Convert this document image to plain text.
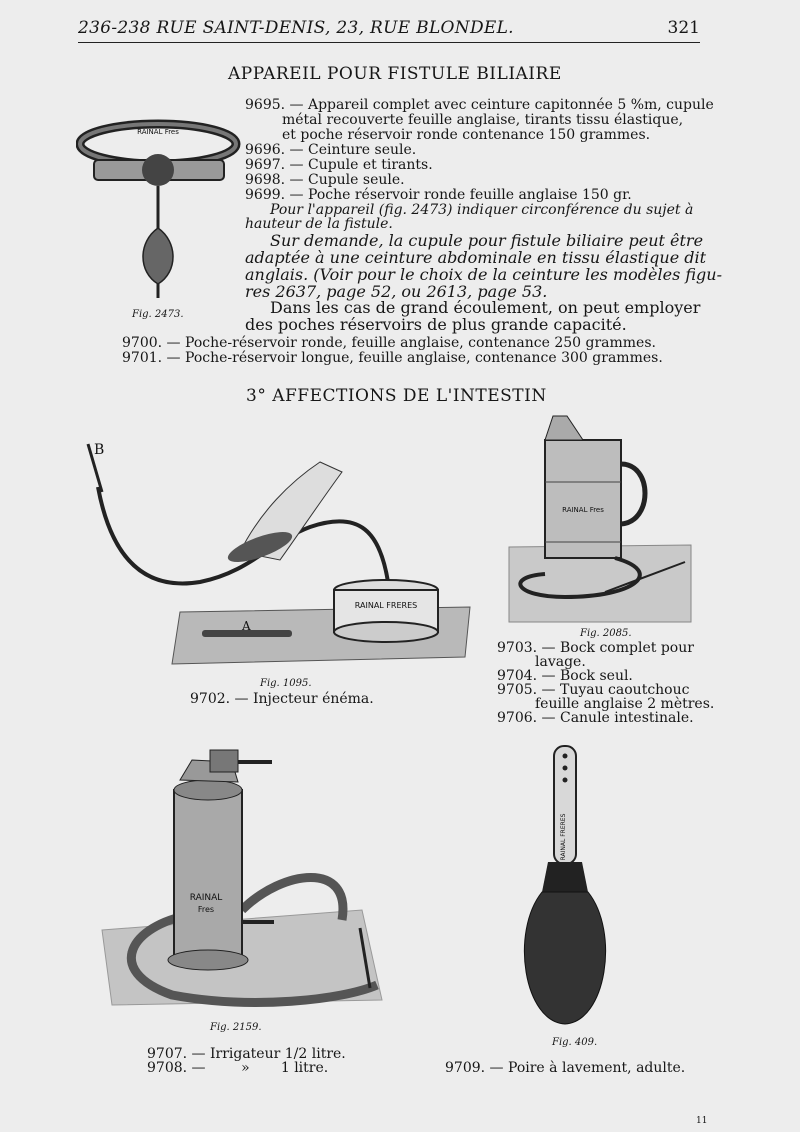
236-238 RUE SAINT-DENIS, 23, RUE BLONDEL.	321
APPAREIL POUR FISTULE BILIAIRE
RAINAL Fres
Fig. 2473.
9695. — Appareil complet avec ceinture capitonnée 5 %m, cupule
métal recouverte feuille anglaise, tirants tissu élastique,
et poche réservoir ronde contenance 150 grammes.
9696. — Ceinture seule.
9697. — Cupule et tirants.
9698. — Cupule seule.
9699. — Poche réservoir ronde feuille anglaise 150 gr.
Pour l'appareil (fig. 2473) indiquer circonférence du sujet à
hauteur de la fistule.
Sur demande, la cupule pour fistule biliaire peut être
adaptée à une ceinture abdominale en tissu élastique dit
anglais. (Voir pour le choix de la ceinture les modèles figu-
res 2637, page 52, ou 2613, page 53.
Dans les cas de grand écoulement, on peut employer
des poches réservoirs de plus grande capacité.
9700. — Poche-réservoir ronde, feuille anglaise, contenance 250 grammes.
9701. — Poche-réservoir longue, feuille anglaise, contenance 300 grammes.
3° AFFECTIONS DE L'INTESTIN
B
A
RAINAL FRERES
Fig. 1095.
9702. — Injecteur énéma.
RAINAL Fres
Fig. 2085.
9703. — Bock complet pour
lavage.
9704. — Bock seul.
9705. — Tuyau caoutchouc
feuille anglaise 2 mètres.
9706. — Canule intestinale.
RAINAL
Fres
Fig. 2159.
9707. — Irrigateur 1/2 litre.
9708. —        »       1 litre.
RAINAL FRERES
Fig. 409.
9709. — Poire à lavement, adulte.
11
